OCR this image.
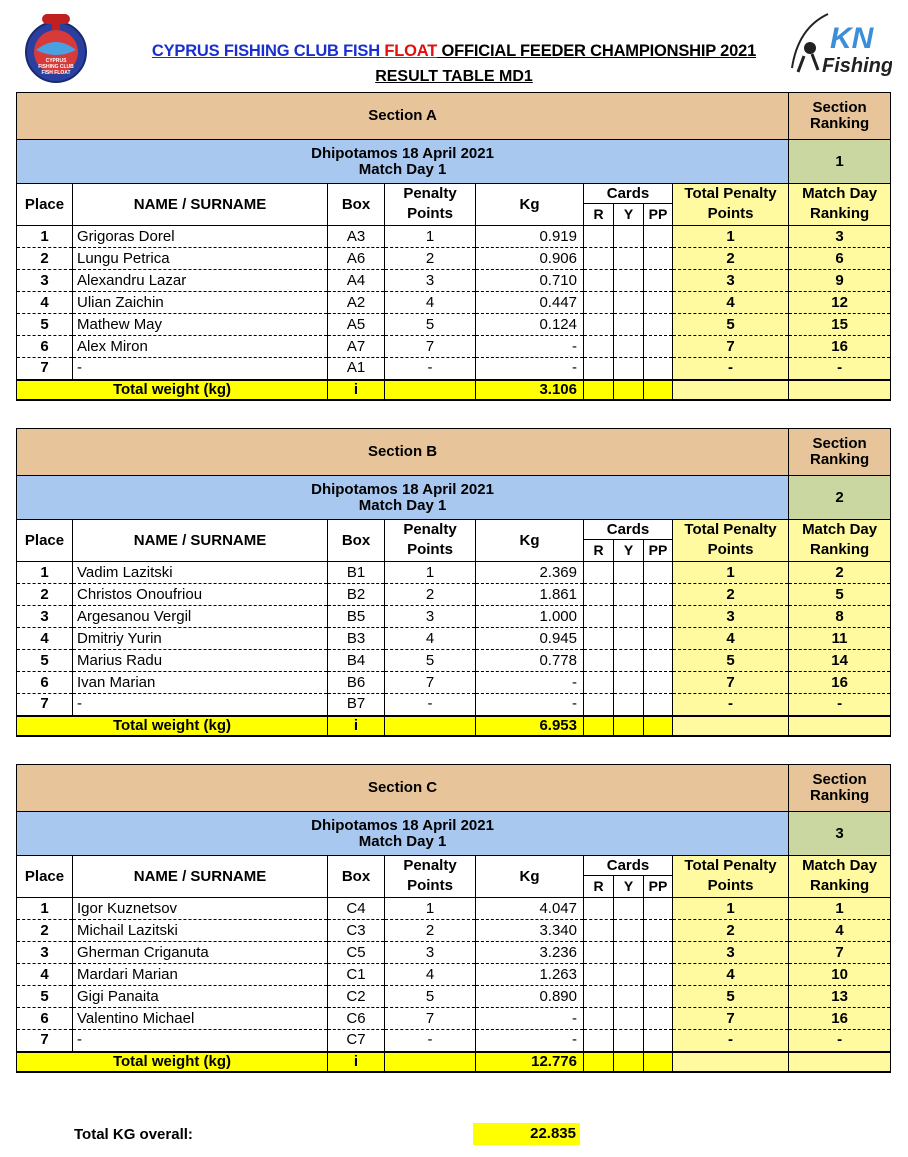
CYPRUS
FISHING CLUB
FISH FLOAT
CYPRUS FISHING CLUB FISH FLOAT OFFICIAL FEEDER CHAMPIONSHIP 2021
RESULT TABLE MD1
KN
Fishing
Section A									Section Ranking

Dhipotamos 18 April 2021
Match Day 1									1
Place	NAME / SURNAME	Box	Penalty	Kg	Cards			Total Penalty	Match Day
			Points		R	Y	PP	Points	Ranking
1	Grigoras Dorel	A3	1	0.919				1	3
2	Lungu Petrica	A6	2	0.906				2	6
3	Alexandru Lazar	A4	3	0.710				3	9
4	Ulian Zaichin	A2	4	0.447				4	12
5	Mathew May	A5	5	0.124				5	15
6	Alex Miron	A7	7	-				7	16
7	-	A1	-	-				-	-
Total weight (kg)		i		3.106					
Section B									Section Ranking

Dhipotamos 18 April 2021
Match Day 1									2
Place	NAME / SURNAME	Box	Penalty	Kg	Cards			Total Penalty	Match Day
			Points		R	Y	PP	Points	Ranking
1	Vadim Lazitski	B1	1	2.369				1	2
2	Christos Onoufriou	B2	2	1.861				2	5
3	Argesanou Vergil	B5	3	1.000				3	8
4	Dmitriy Yurin	B3	4	0.945				4	11
5	Marius Radu	B4	5	0.778				5	14
6	Ivan Marian	B6	7	-				7	16
7	-	B7	-	-				-	-
Total weight (kg)		i		6.953					
Section C									Section Ranking

Dhipotamos 18 April 2021
Match Day 1									3
Place	NAME / SURNAME	Box	Penalty	Kg	Cards			Total Penalty	Match Day
			Points		R	Y	PP	Points	Ranking
1	Igor Kuznetsov	C4	1	4.047				1	1
2	Michail Lazitski	C3	2	3.340				2	4
3	Gherman Criganuta	C5	3	3.236				3	7
4	Mardari Marian	C1	4	1.263				4	10
5	Gigi Panaita	C2	5	0.890				5	13
6	Valentino Michael	C6	7	-				7	16
7	-	C7	-	-				-	-
Total weight (kg)		i		12.776					
Total KG overall:	22.835
